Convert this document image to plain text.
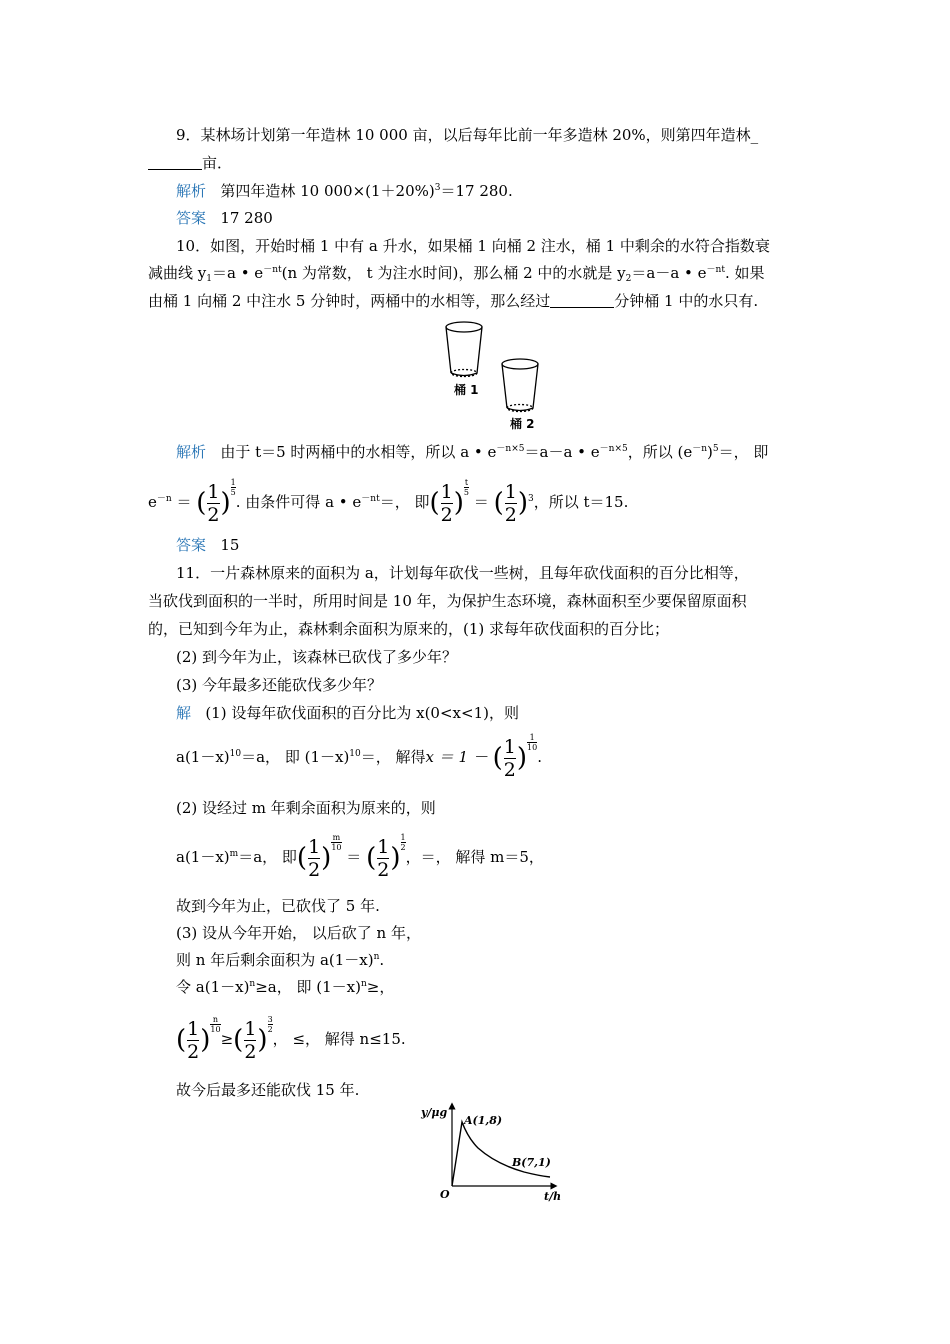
9．某林场计划第一年造林 10 000 亩，以后每年比前一年多造林 20%，则第四年造林_
亩．
解析 第四年造林 10 $000\times(1+20\%)^3=17$ 280.
答案 17 280
10．如图，开始时桶 1 中有 a 升水，如果桶 1 向桶 2 注水，桶 1 中剩余的水符合指数衰
减曲线 $y_1=a$ • $e^{-nt}(n$ 为常数， t 为注水时间)，那么桶 2 中的水就是 $y_2=a-a$ • $e^{-nt}$. 如果
由桶 1 向桶 2 中注水 5 分钟时，两桶中的水相等，那么经过	分钟桶 1 中的水只有.
桶 1
桶 2
解析 由于 t＝5 时两桶中的水相等，所以 a • $e^{-n\times 5}=a-a$ • $e^{-n\times 5}$，所以 $(e^{-n})^5=$， 即
$e^{-n}$ ＝ ( $\frac{1}{2}$ )
$\frac{1}{5}$
. 由条件可得 a • $e^{-nt}=$， 即( $\frac{1}{2}$ )
$\frac{t}{5}$
＝ ( $\frac{1}{2} )^3$，所以 t＝15.
答案 15
11．一片森林原来的面积为 a，计划每年砍伐一些树，且每年砍伐面积的百分比相等，
当砍伐到面积的一半时，所用时间是 10 年，为保护生态环境，森林面积至少要保留原面积
的，已知到今年为止，森林剩余面积为原来的，(1) 求每年砍伐面积的百分比；
(2) 到今年为止，该森林已砍伐了多少年？
(3) 今年最多还能砍伐多少年？
解 (1) 设每年砍伐面积的百分比为 x(0<x<1)，则
$a(1-x)^{10}=a$， 即 $(1-x)^{10}=$， 解得x ＝ 1 － ( $\frac{1}{2}$ )
$\frac{1}{10}$
.
(2) 设经过 m 年剩余面积为原来的，则
$a(1-x)^m=a$， 即( $\frac{1}{2}$ )
$\frac{m}{10}$
＝ ( $\frac{1}{2}$ )
$\frac{1}{2}$
，＝， 解得 m＝5，
故到今年为止，已砍伐了 5 年.
(3) 设从今年开始， 以后砍了 n 年，
则 n 年后剩余面积为 $a(1-x)^n$.
令 $a(1-x)^n\ge a$， 即 $(1-x)^n\ge$，
( $\frac{1}{2}$ )
$\frac{n}{10}$
≥( $\frac{1}{2}$ )
$\frac{3}{2}$
， ≤， 解得 n≤15.
故今后最多还能砍伐 15 年.
y/μg
t/h
O
A(1,8)
B(7,1)
